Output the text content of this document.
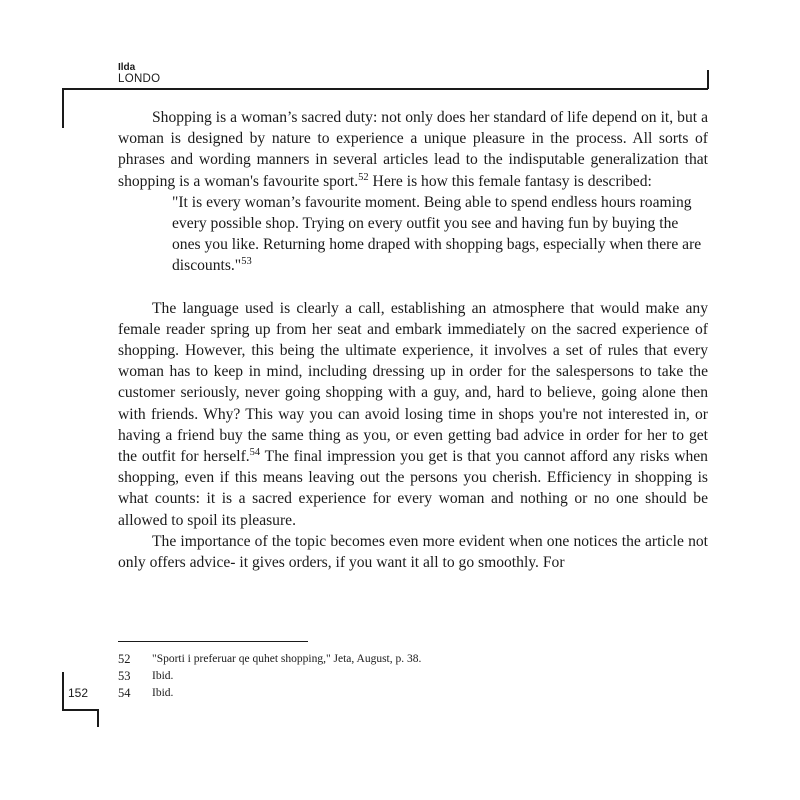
Ilda
LONDO

Shopping is a woman’s sacred duty: not only does her standard of life depend on it, but a woman is designed by nature to experience a unique pleasure in the process. All sorts of phrases and wording manners in several articles lead to the indisputable generalization that shopping is a woman's favourite sport.$^{52}$ Here is how this female fantasy is described:

"It is every woman’s favourite moment. Being able to spend endless hours roaming every possible shop. Trying on every outfit you see and having fun by buying the ones you like. Returning home draped with shopping bags, especially when there are discounts."$^{53}$

The language used is clearly a call, establishing an atmosphere that would make any female reader spring up from her seat and embark immediately on the sacred experience of shopping. However, this being the ultimate experience, it involves a set of rules that every woman has to keep in mind, including dressing up in order for the salespersons to take the customer seriously, never going shopping with a guy, and, hard to believe, going alone then with friends. Why? This way you can avoid losing time in shops you're not interested in, or having a friend buy the same thing as you, or even getting bad advice in order for her to get the outfit for herself.$^{54}$ The final impression you get is that you cannot afford any risks when shopping, even if this means leaving out the persons you cherish. Efficiency in shopping is what counts: it is a sacred experience for every woman and nothing or no one should be allowed to spoil its pleasure.

The importance of the topic becomes even more evident when one notices the article not only offers advice- it gives orders, if you want it all to go smoothly. For

52	"Sporti i preferuar qe quhet shopping," Jeta, August, p. 38.
53	Ibid.
54	Ibid.
152
